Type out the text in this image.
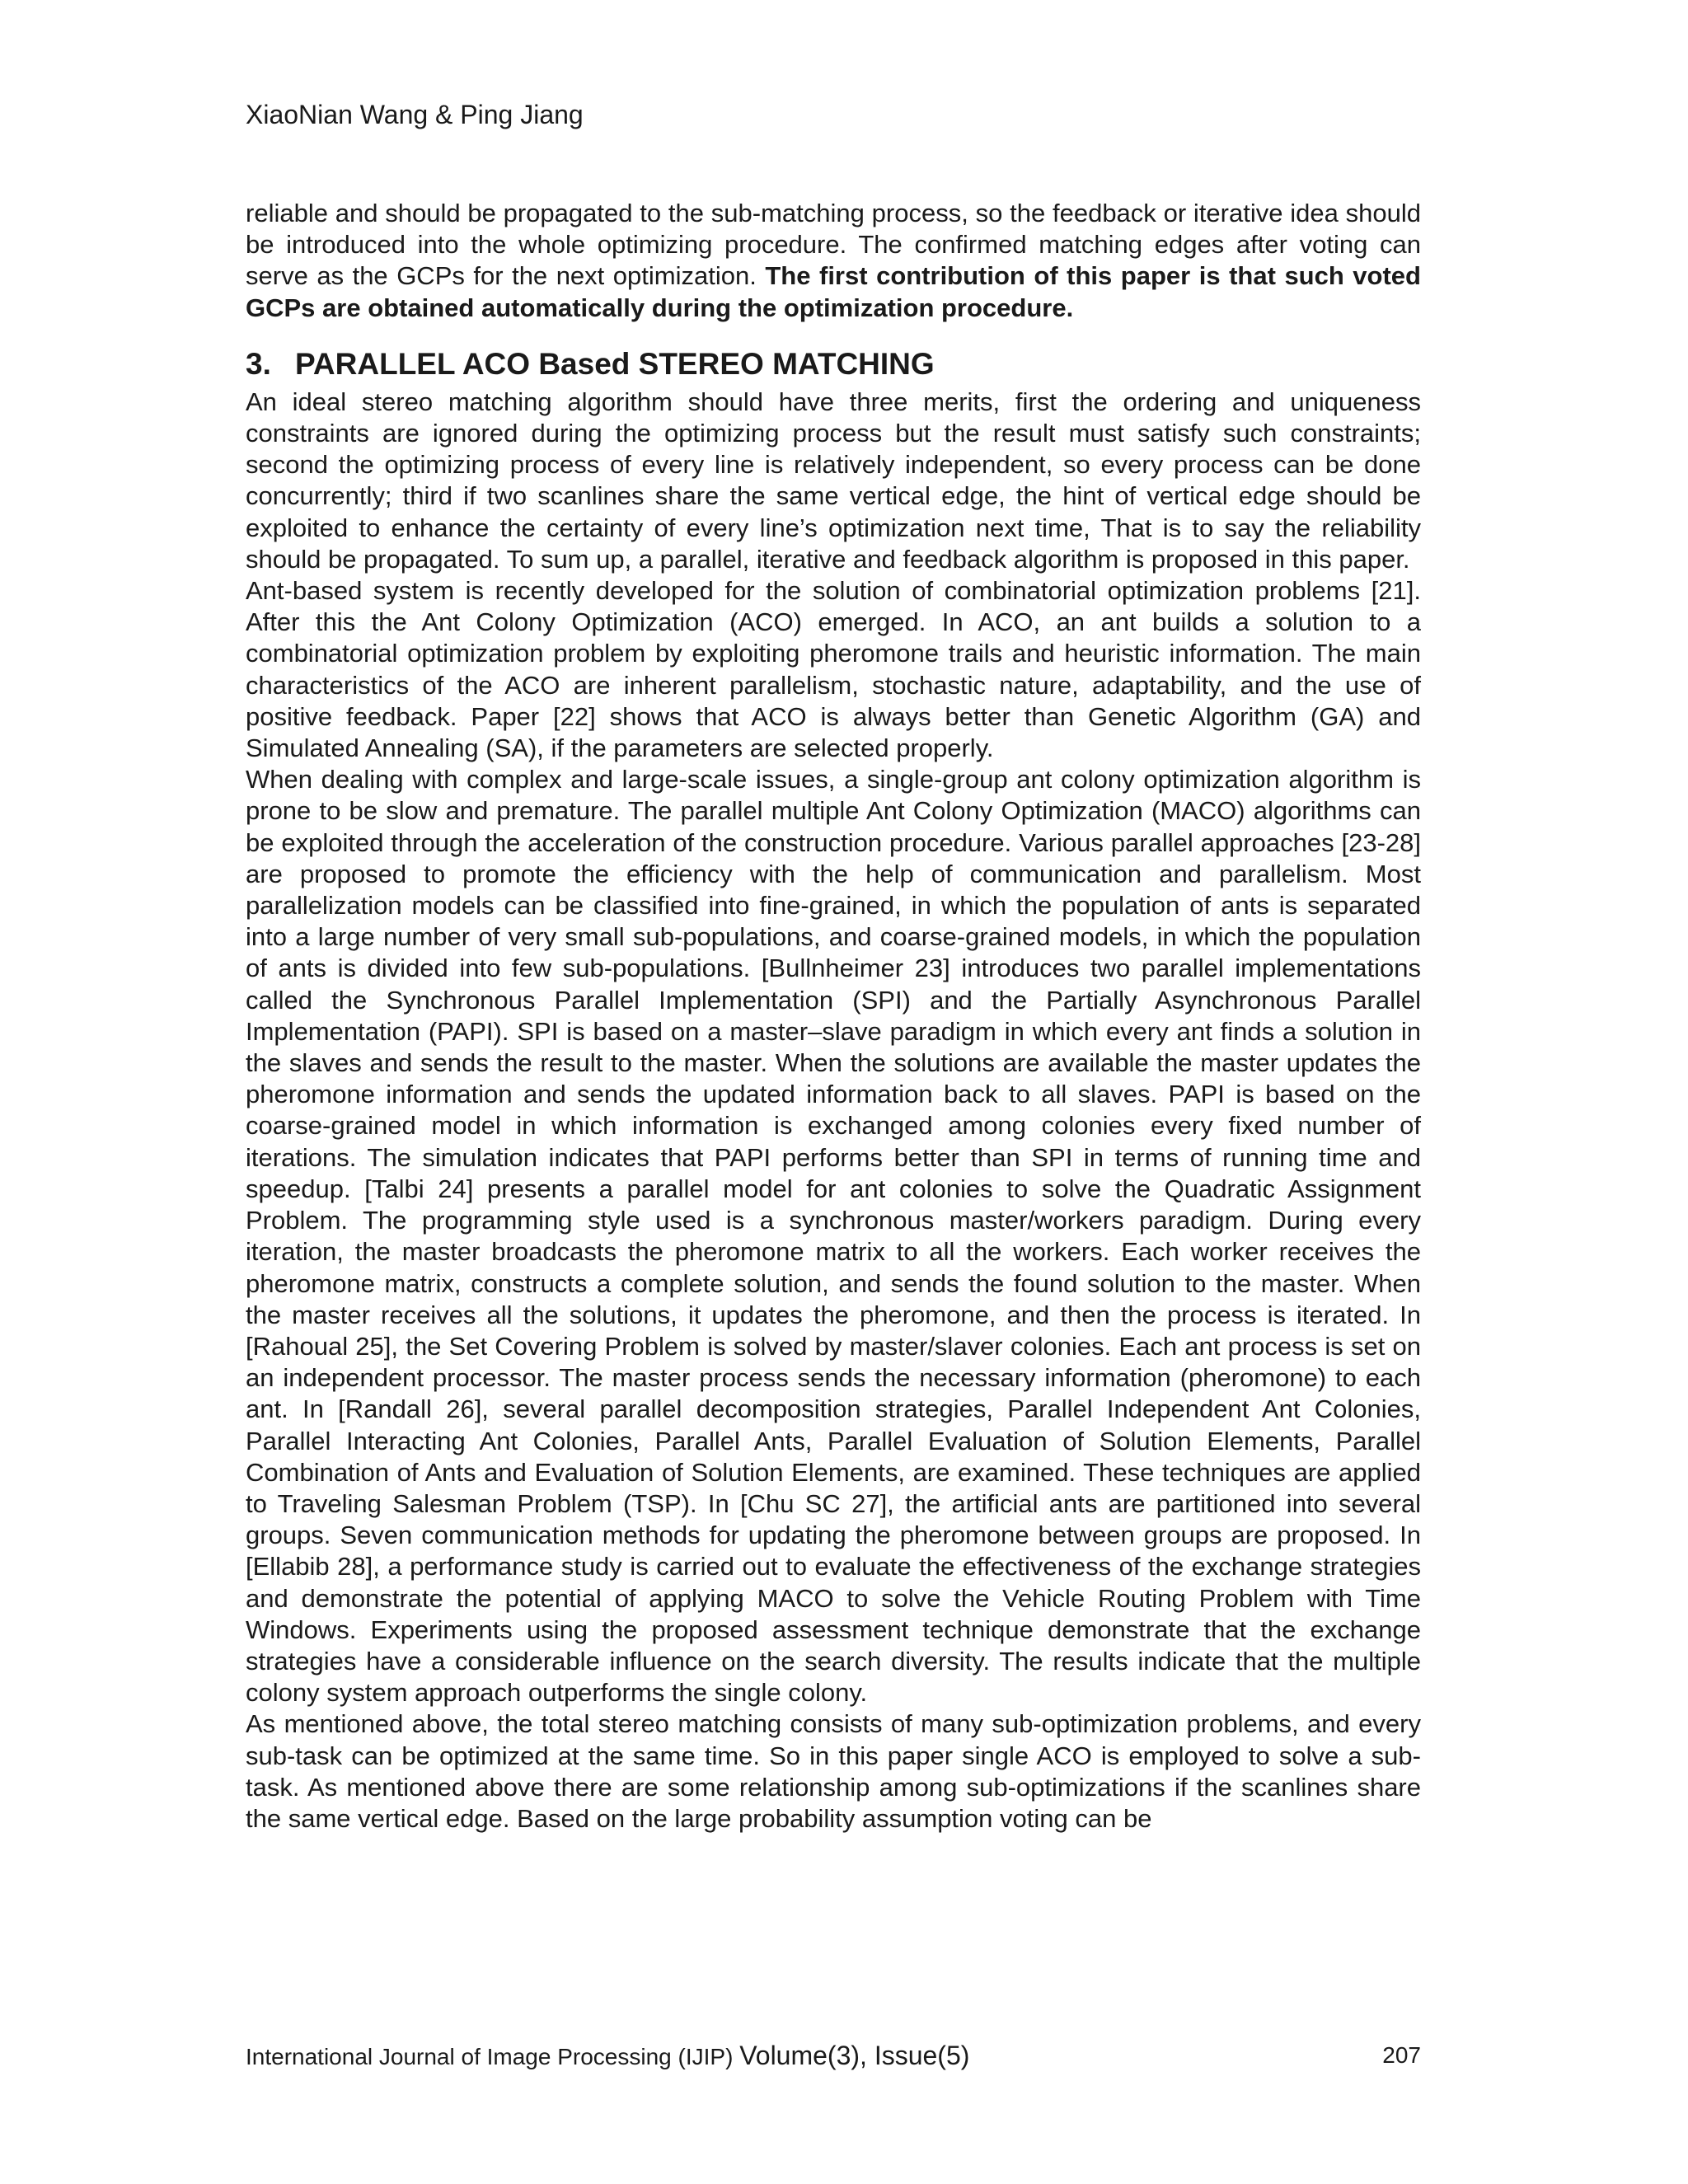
XiaoNian Wang & Ping Jiang

reliable and should be propagated to the sub-matching process, so the feedback or iterative idea should be introduced into the whole optimizing procedure. The confirmed matching edges after voting can serve as the GCPs for the next optimization. The first contribution of this paper is that such voted GCPs are obtained automatically during the optimization procedure.

3. PARALLEL ACO Based STEREO MATCHING

An ideal stereo matching algorithm should have three merits, first the ordering and uniqueness constraints are ignored during the optimizing process but the result must satisfy such constraints; second the optimizing process of every line is relatively independent, so every process can be done concurrently; third if two scanlines share the same vertical edge, the hint of vertical edge should be exploited to enhance the certainty of every line’s optimization next time, That is to say the reliability should be propagated. To sum up, a parallel, iterative and feedback algorithm is proposed in this paper.

Ant-based system is recently developed for the solution of combinatorial optimization problems [21]. After this the Ant Colony Optimization (ACO) emerged. In ACO, an ant builds a solution to a combinatorial optimization problem by exploiting pheromone trails and heuristic information. The main characteristics of the ACO are inherent parallelism, stochastic nature, adaptability, and the use of positive feedback. Paper [22] shows that ACO is always better than Genetic Algorithm (GA) and Simulated Annealing (SA), if the parameters are selected properly.

When dealing with complex and large-scale issues, a single-group ant colony optimization algorithm is prone to be slow and premature. The parallel multiple Ant Colony Optimization (MACO) algorithms can be exploited through the acceleration of the construction procedure. Various parallel approaches [23-28] are proposed to promote the efficiency with the help of communication and parallelism. Most parallelization models can be classified into fine-grained, in which the population of ants is separated into a large number of very small sub-populations, and coarse-grained models, in which the population of ants is divided into few sub-populations. [Bullnheimer 23] introduces two parallel implementations called the Synchronous Parallel Implementation (SPI) and the Partially Asynchronous Parallel Implementation (PAPI). SPI is based on a master–slave paradigm in which every ant finds a solution in the slaves and sends the result to the master. When the solutions are available the master updates the pheromone information and sends the updated information back to all slaves. PAPI is based on the coarse-grained model in which information is exchanged among colonies every fixed number of iterations. The simulation indicates that PAPI performs better than SPI in terms of running time and speedup. [Talbi 24] presents a parallel model for ant colonies to solve the Quadratic Assignment Problem. The programming style used is a synchronous master/workers paradigm. During every iteration, the master broadcasts the pheromone matrix to all the workers. Each worker receives the pheromone matrix, constructs a complete solution, and sends the found solution to the master. When the master receives all the solutions, it updates the pheromone, and then the process is iterated. In [Rahoual 25], the Set Covering Problem is solved by master/slaver colonies. Each ant process is set on an independent processor. The master process sends the necessary information (pheromone) to each ant. In [Randall 26], several parallel decomposition strategies, Parallel Independent Ant Colonies, Parallel Interacting Ant Colonies, Parallel Ants, Parallel Evaluation of Solution Elements, Parallel Combination of Ants and Evaluation of Solution Elements, are examined. These techniques are applied to Traveling Salesman Problem (TSP). In [Chu SC 27], the artificial ants are partitioned into several groups. Seven communication methods for updating the pheromone between groups are proposed. In [Ellabib 28], a performance study is carried out to evaluate the effectiveness of the exchange strategies and demonstrate the potential of applying MACO to solve the Vehicle Routing Problem with Time Windows. Experiments using the proposed assessment technique demonstrate that the exchange strategies have a considerable influence on the search diversity. The results indicate that the multiple colony system approach outperforms the single colony.

As mentioned above, the total stereo matching consists of many sub-optimization problems, and every sub-task can be optimized at the same time. So in this paper single ACO is employed to solve a sub-task. As mentioned above there are some relationship among sub-optimizations if the scanlines share the same vertical edge. Based on the large probability assumption voting can be

International Journal of Image Processing (IJIP) Volume(3), Issue(5)	207
